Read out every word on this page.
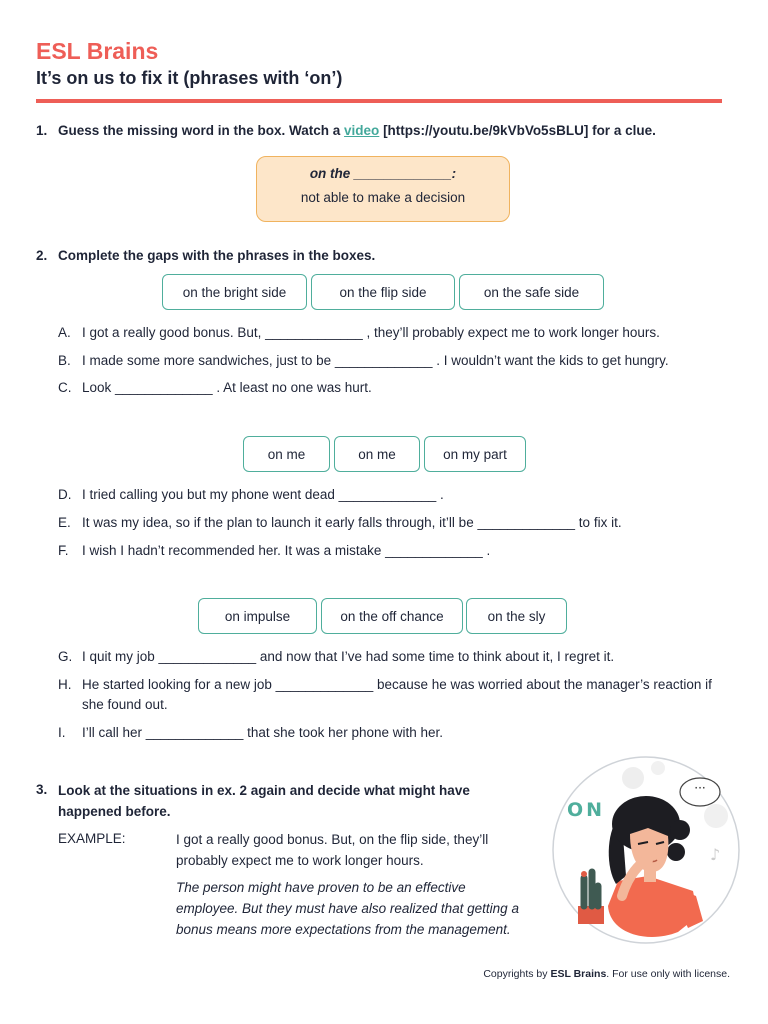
ESL Brains
It’s on us to fix it (phrases with ‘on’)
1. Guess the missing word in the box. Watch a video [https://youtu.be/9kVbVo5sBLU] for a clue.
on the _____________:
not able to make a decision
2. Complete the gaps with the phrases in the boxes.
on the bright side	on the flip side	on the safe side
A. I got a really good bonus. But, _____________ , they’ll probably expect me to work longer hours.
B. I made some more sandwiches, just to be _____________ . I wouldn’t want the kids to get hungry.
C. Look _____________ . At least no one was hurt.
on me	on me	on my part
D. I tried calling you but my phone went dead _____________ .
E. It was my idea, so if the plan to launch it early falls through, it’ll be _____________ to fix it.
F. I wish I hadn’t recommended her. It was a mistake _____________ .
on impulse	on the off chance	on the sly
G. I quit my job _____________ and now that I’ve had some time to think about it, I regret it.
H. He started looking for a new job _____________ because he was worried about the manager’s reaction if she found out.
I. I’ll call her _____________ that she took her phone with her.
3. Look at the situations in ex. 2 again and decide what might have happened before.
EXAMPLE:	I got a really good bonus. But, on the flip side, they’ll probably expect me to work longer hours.
The person might have proven to be an effective employee. But they must have also realized that getting a bonus means more expectations from the management.
···
ON
♪
Copyrights by ESL Brains. For use only with license.
